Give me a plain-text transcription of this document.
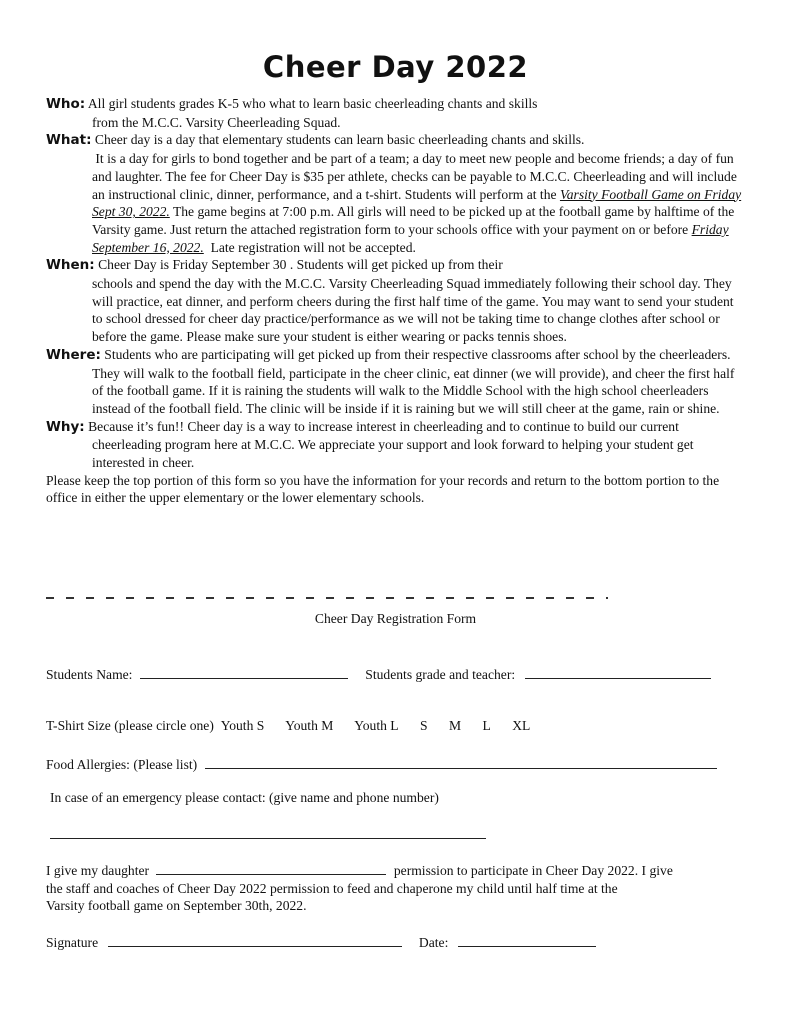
Cheer Day 2022
Who: All girl students grades K-5 who what to learn basic cheerleading chants and skills
from the M.C.C. Varsity Cheerleading Squad.
What: Cheer day is a day that elementary students can learn basic cheerleading chants and skills.
It is a day for girls to bond together and be part of a team; a day to meet new people and become friends; a day of fun and laughter. The fee for Cheer Day is $35 per athlete, checks can be payable to M.C.C. Cheerleading and will include an instructional clinic, dinner, performance, and a t-shirt. Students will perform at the Varsity Football Game on Friday Sept 30, 2022. The game begins at 7:00 p.m. All girls will need to be picked up at the football game by halftime of the Varsity game. Just return the attached registration form to your schools office with your payment on or before Friday September 16, 2022. Late registration will not be accepted.
When: Cheer Day is Friday September 30 . Students will get picked up from their
schools and spend the day with the M.C.C. Varsity Cheerleading Squad immediately following their school day. They will practice, eat dinner, and perform cheers during the first half time of the game. You may want to send your student to school dressed for cheer day practice/performance as we will not be taking time to change clothes after school or before the game. Please make sure your student is either wearing or packs tennis shoes.
Where: Students who are participating will get picked up from their respective classrooms after school by the cheerleaders. They will walk to the football field, participate in the cheer clinic, eat dinner (we will provide), and cheer the first half of the football game. If it is raining the students will walk to the Middle School with the high school cheerleaders instead of the football field. The clinic will be inside if it is raining but we will still cheer at the game, rain or shine.
Why: Because it’s fun!! Cheer day is a way to increase interest in cheerleading and to continue to build our current cheerleading program here at M.C.C. We appreciate your support and look forward to helping your student get interested in cheer.
Please keep the top portion of this form so you have the information for your records and return to the bottom portion to the office in either the upper elementary or the lower elementary schools.
Cheer Day Registration Form
Students Name:	Students grade and teacher:
T-Shirt Size (please circle one) Youth S Youth M Youth L S M L XL
Food Allergies: (Please list)
In case of an emergency please contact: (give name and phone number)
I give my daughter	permission to participate in Cheer Day 2022. I give
the staff and coaches of Cheer Day 2022 permission to feed and chaperone my child until half time at the
Varsity football game on September 30th, 2022.
Signature	Date:
